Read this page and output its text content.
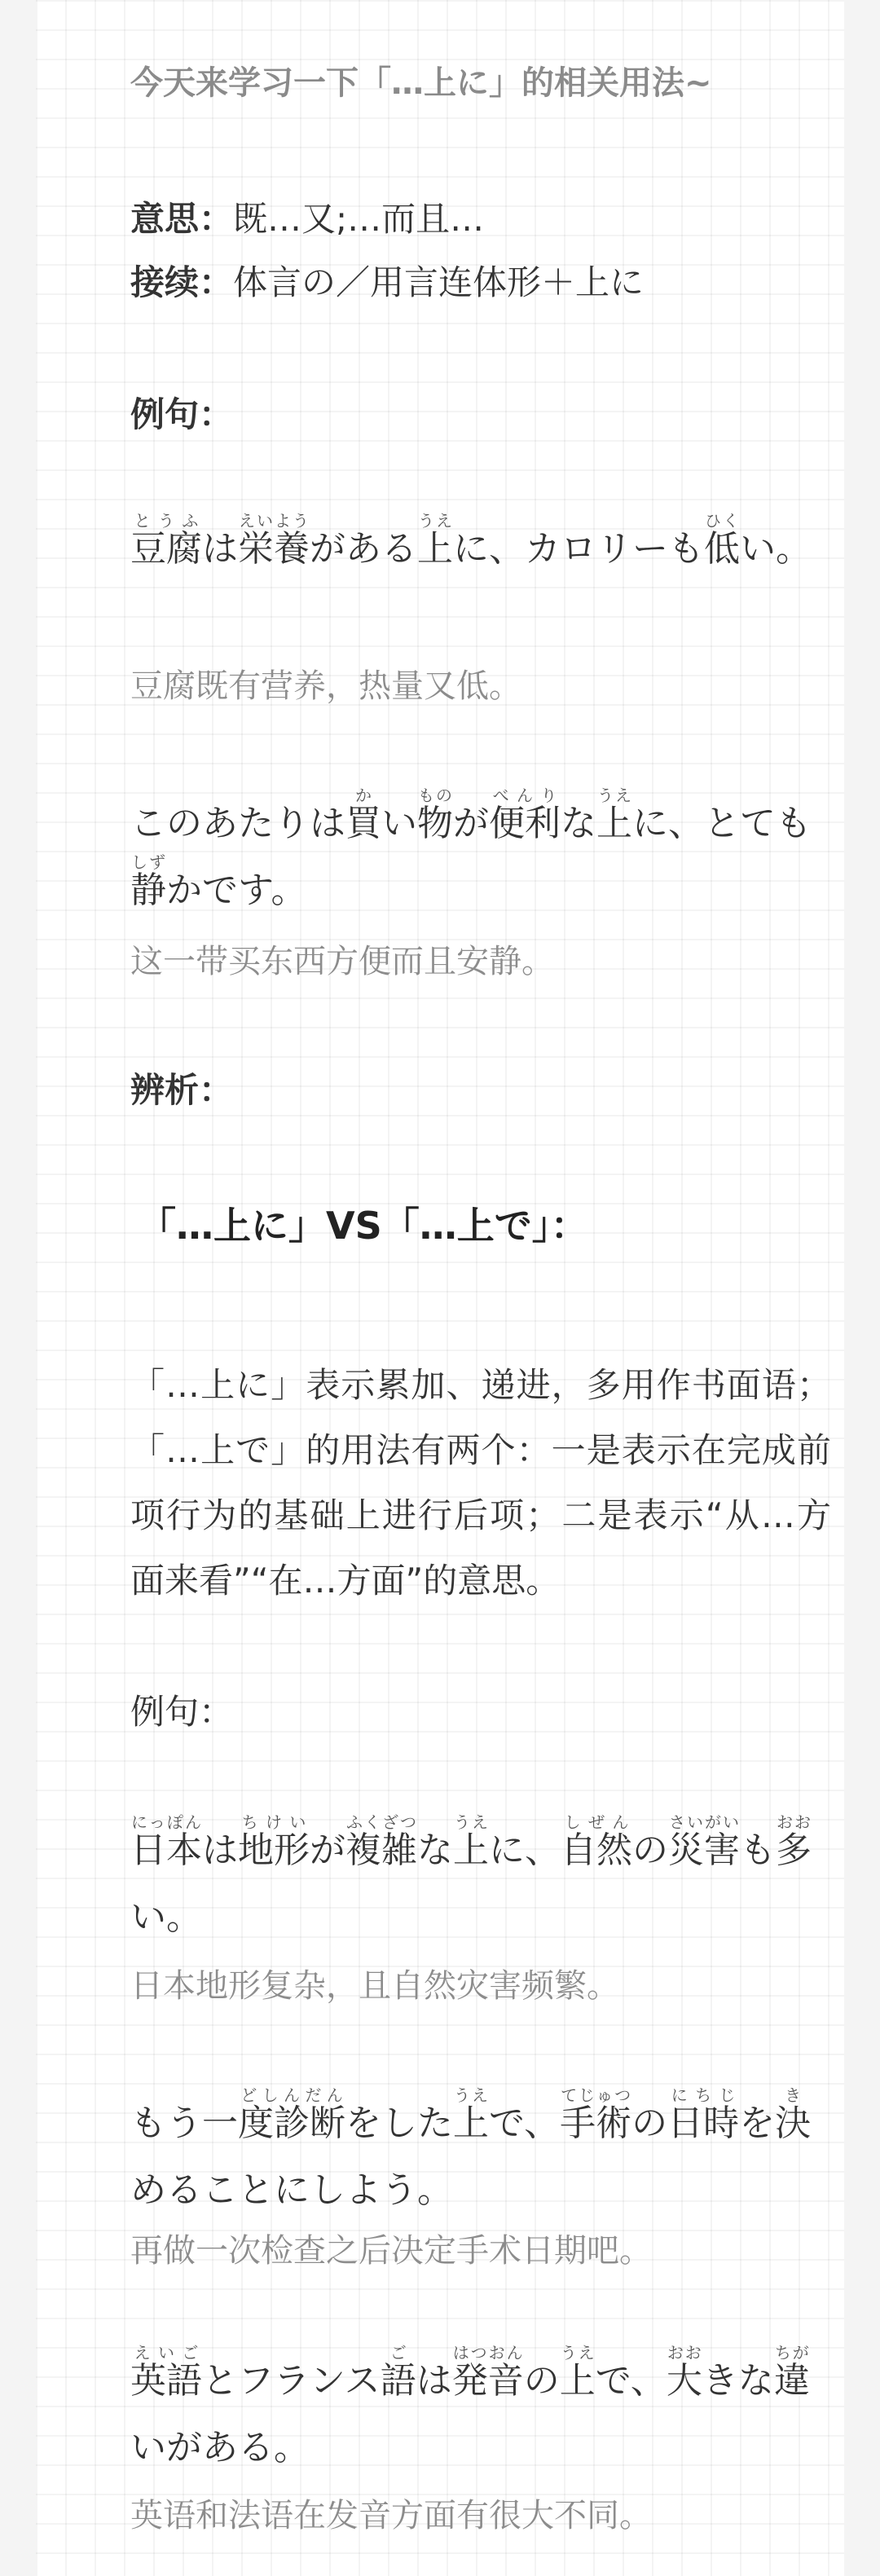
今天来学习一下「…上に」的相关用法~
意思：既…又;…而且…
接续：体言の／用言连体形＋上に
例句：
豆腐とうふは栄養えいようがある上うえに、カロリーも低ひくい。
豆腐既有营养，热量又低。
このあたりは買かい物ものが便利べんりな上うえに、とても静しずかです。
这一带买东西方便而且安静。
辨析：
「…上に」VS「…上で」：
「…上に」表示累加、递进，多用作书面语；「…上で」的用法有两个：一是表示在完成前项行为的基础上进行后项；二是表示“从…方面来看”“在…方面”的意思。
例句：
日本にっぽんは地形ちけいが複雑ふくざつな上うえに、自然しぜんの災害さいがいも多おおい。
日本地形复杂，且自然灾害频繁。
もう一度診断どしんだんをした上うえで、手術てじゅつの日時にちじを決きめることにしよう。
再做一次检查之后决定手术日期吧。
英語えいごとフランス語ごは発音はつおんの上うえで、大おおきな違ちがいがある。
英语和法语在发音方面有很大不同。
